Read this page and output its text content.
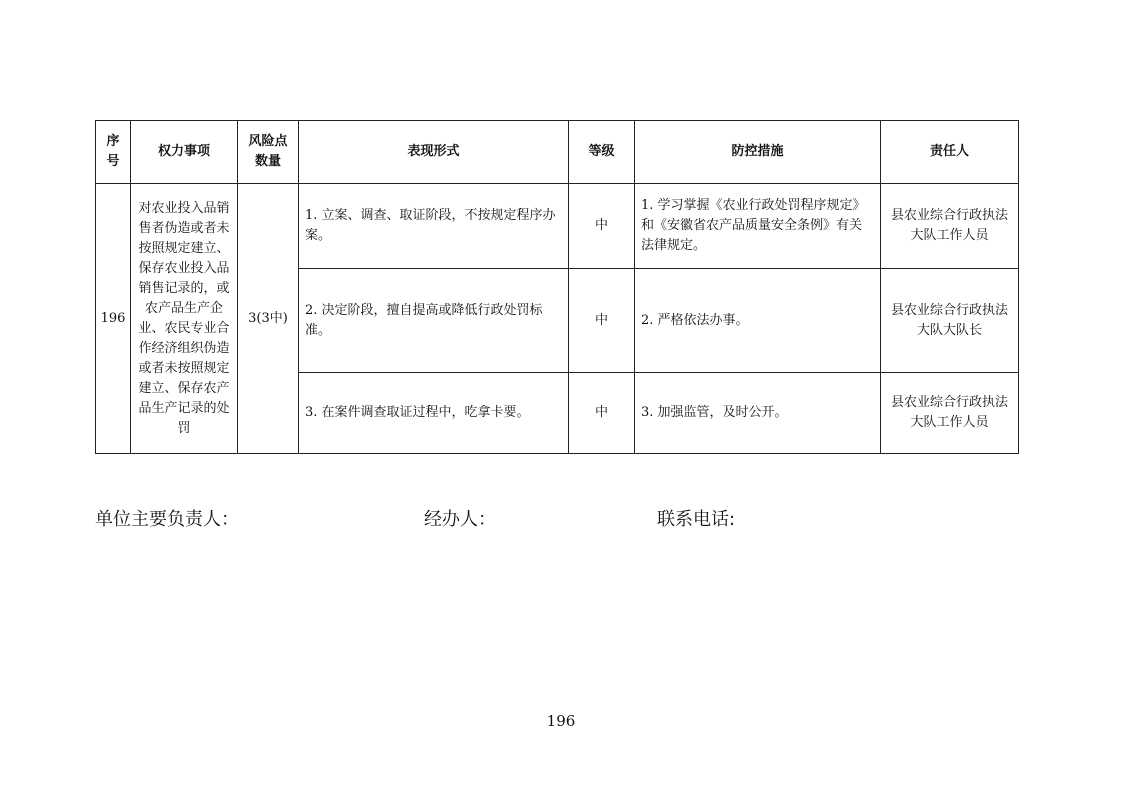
序号	权力事项	风险点数量	表现形式	等级	防控措施	责任人
196	对农业投入品销售者伪造或者未按照规定建立、保存农业投入品销售记录的，或农产品生产企业、农民专业合作经济组织伪造或者未按照规定建立、保存农产品生产记录的处罚	3(3中)	1. 立案、调查、取证阶段，不按规定程序办案。	中	1. 学习掌握《农业行政处罚程序规定》和《安徽省农产品质量安全条例》有关法律规定。	县农业综合行政执法大队工作人员
			2. 决定阶段，擅自提高或降低行政处罚标准。	中	2. 严格依法办事。	县农业综合行政执法大队大队长
			3. 在案件调查取证过程中，吃拿卡要。	中	3. 加强监管，及时公开。	县农业综合行政执法大队工作人员
单位主要负责人：	经办人：	联系电话:
196
